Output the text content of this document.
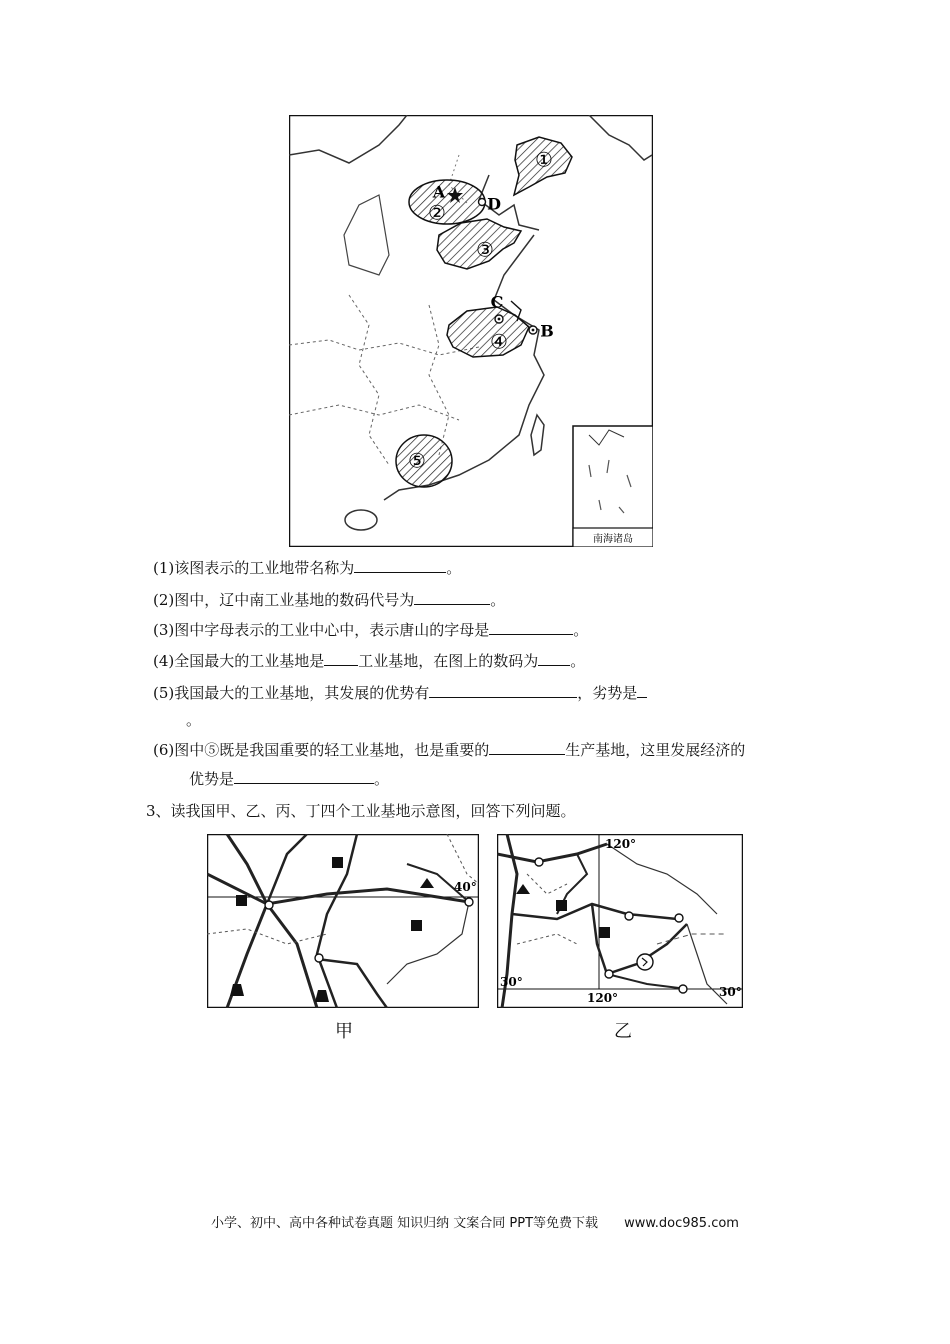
南海诸岛
①
②
③
④
⑤
A
D
C
B
(1)该图表示的工业地带名称为	。
(2)图中，辽中南工业基地的数码代号为	。
(3)图中字母表示的工业中心中，表示唐山的字母是	。
(4)全国最大的工业基地是 工业基地，在图上的数码为 。
(5)我国最大的工业基地，其发展的优势有	，劣势是
。
(6)图中⑤既是我国重要的轻工业基地，也是重要的	生产基地，这里发展经济的
优势是	。
3、读我国甲、乙、丙、丁四个工业基地示意图，回答下列问题。
40°
120°
120°
30°
30°
甲	乙
小学、初中、高中各种试卷真题 知识归纳 文案合同 PPT等免费下载 www.doc985.com
